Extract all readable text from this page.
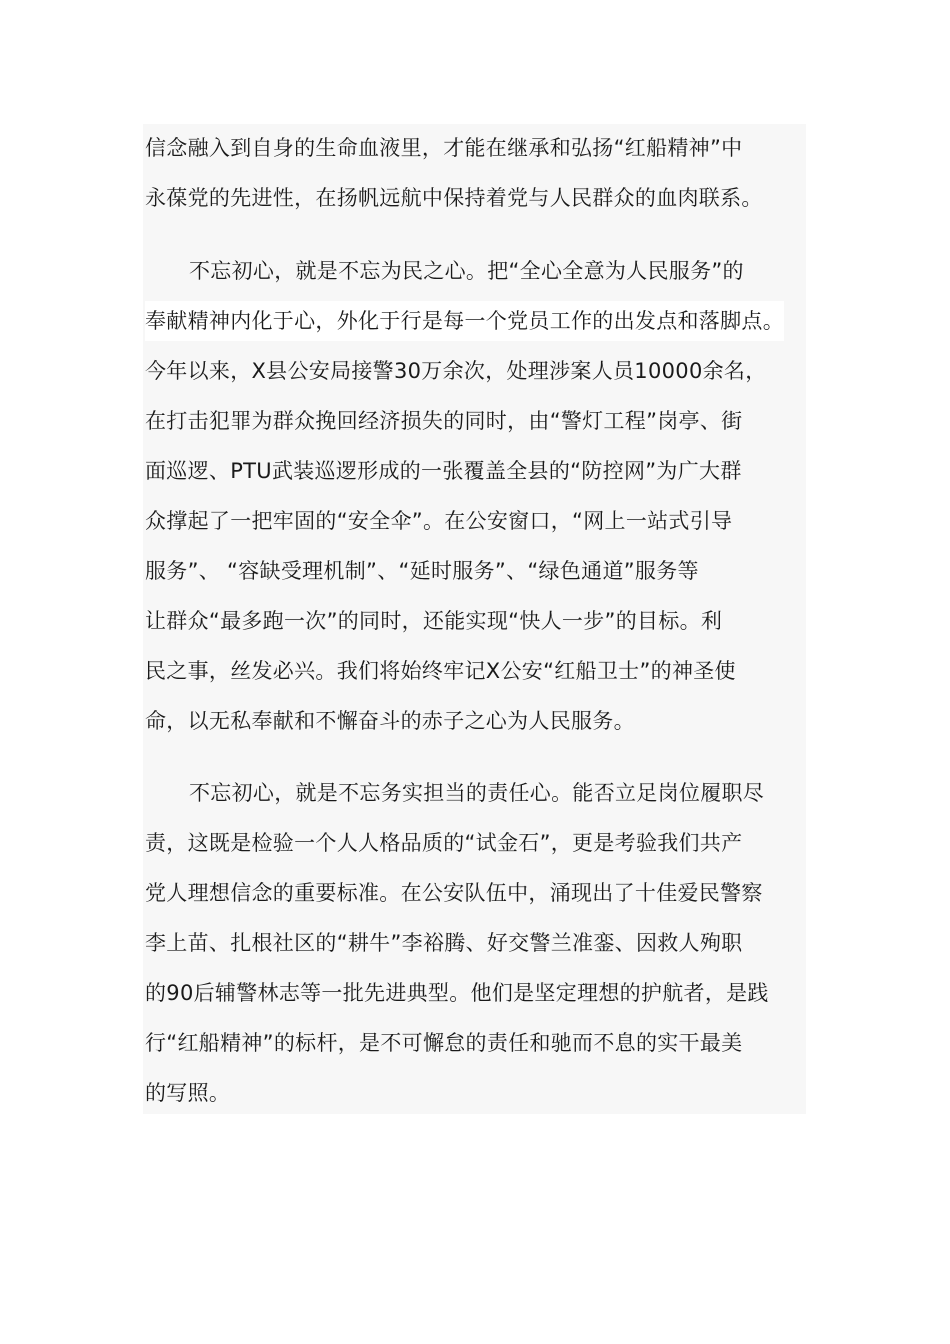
信念融入到自身的生命血液里，才能在继承和弘扬“红船精神”中
永葆党的先进性，在扬帆远航中保持着党与人民群众的血肉联系。
不忘初心，就是不忘为民之心。把“全心全意为人民服务”的
奉献精神内化于心，外化于行是每一个党员工作的出发点和落脚点。
今年以来，X县公安局接警30万余次，处理涉案人员10000余名，
在打击犯罪为群众挽回经济损失的同时，由“警灯工程”岗亭、街
面巡逻、PTU武装巡逻形成的一张覆盖全县的“防控网”为广大群
众撑起了一把牢固的“安全伞”。在公安窗口，“网上一站式引导
服务”、 “容缺受理机制”、“延时服务”、“绿色通道”服务等
让群众“最多跑一次”的同时，还能实现“快人一步”的目标。利
民之事，丝发必兴。我们将始终牢记X公安“红船卫士”的神圣使
命，以无私奉献和不懈奋斗的赤子之心为人民服务。
不忘初心，就是不忘务实担当的责任心。能否立足岗位履职尽
责，这既是检验一个人人格品质的“试金石”，更是考验我们共产
党人理想信念的重要标准。在公安队伍中，涌现出了十佳爱民警察
李上苗、扎根社区的“耕牛”李裕腾、好交警兰准銮、因救人殉职
的90后辅警林志等一批先进典型。他们是坚定理想的护航者，是践
行“红船精神”的标杆，是不可懈怠的责任和驰而不息的实干最美
的写照。
